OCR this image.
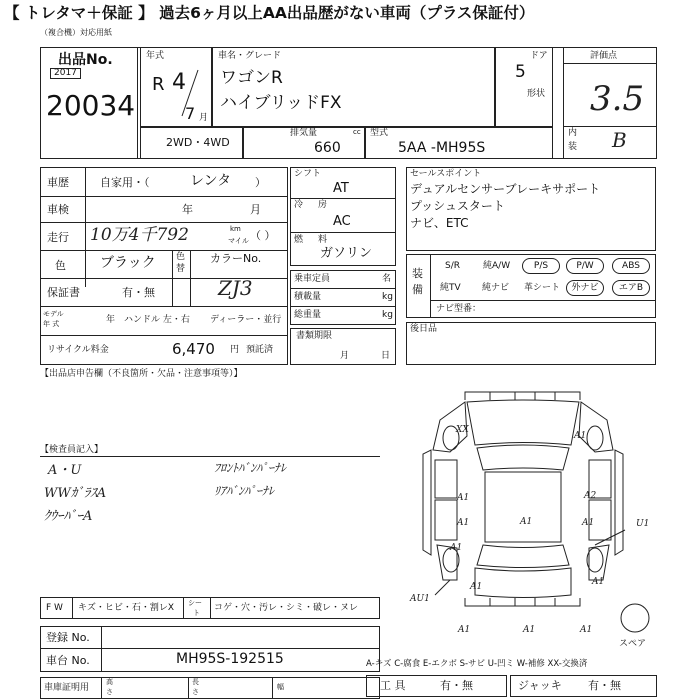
【 トレタマ＋保証 】 過去6ヶ月以上AA出品歴がない車両（プラス保証付）
（複合機）対応用紙
出品No.
2017
20034
年式
R 4
7 月
車名・グレード
ワゴンR
ハイブリッドFX
ドア
5
形状
評価点
3.5
内
装 B
2WD・4WD
排気量	cc
660
型式
5AA -MH95S
車歴	自家用・（	レンタ ）
車検	年	月
走行 10万4千792	km
マイル （ ）
色 ブラック 色
替
カラーNo.
ZJ3
保証書	有・無
モデル
年 式	年 ハンドル 左・右 ディーラー・並行
リサイクル料金	6,470 円 預託済
シフト
AT
冷 房
AC
燃 料
ガソリン
乗車定員	名
積載量	kg
総重量	kg
書類期限
月	日
セールスポイント
デュアルセンサーブレーキサポート
プッシュスタート
ナビ、ETC
装
備
S/R	純A/W	P/S	P/W	ABS
純TV 純ナビ 革シート	外ナビ	エアB
ナビ型番：
後日品
【出品店申告欄（不良箇所・欠品・注意事項等）】
【検査員記入】
A・U
WWｶﾞﾗｽA
ｸｳｰﾊﾞｰA
ﾌﾛﾝﾄﾊﾞﾝﾊﾟｰﾅﾚ
ﾘｱﾊﾞﾝﾊﾟｰﾅﾚ
XX
A1
A1	A2
A1	A1
A1
A1	U1
A1
AU1
A1
A1	A1	A1
スペア
F W キズ・ヒビ・石・割レX シー
ト コゲ・穴・汚レ・シミ・破レ・ヌレ
登録 No.
車台 No.	MH95S-192515
車庫証明用
高
さ
長
さ
幅
A-キズ C-腐食 E-エクボ S-サビ U-凹ミ W-補修 XX-交換済
工 具	有・無	ジャッキ 有・無
